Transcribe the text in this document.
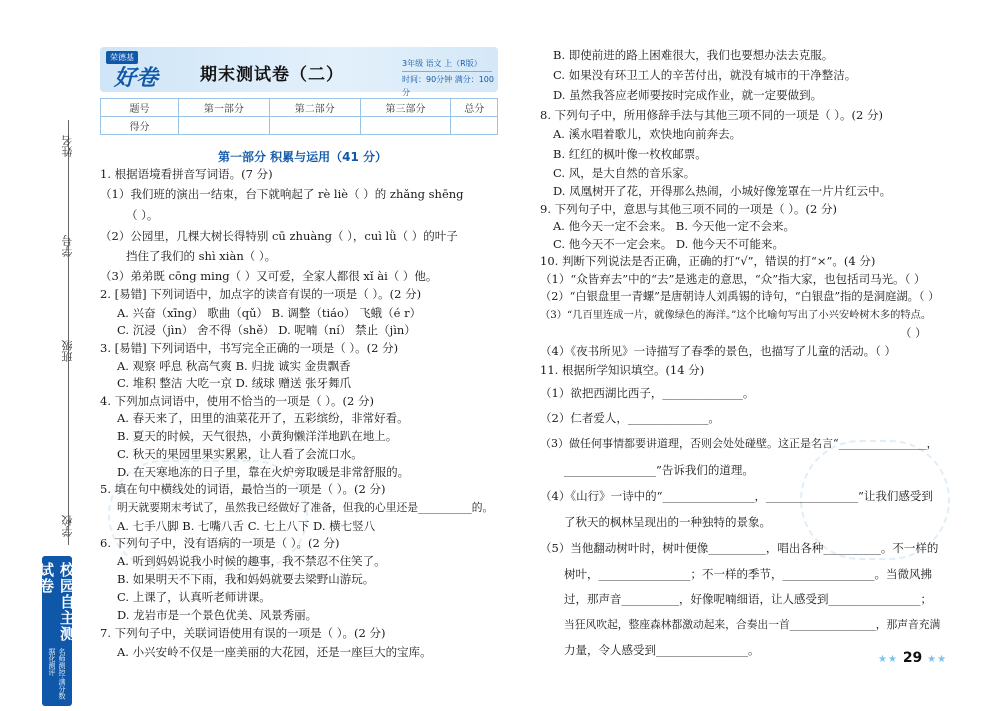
姓名
学号
班级
学校
校园自主测试卷
名师测控·满分数据化测评
荣德基
好卷 期末测试卷（二）
3年级 语文 上（R版）
时间：90分钟 满分：100分
题号	第一部分	第二部分	第三部分	总分
得分				
第一部分 积累与运用（41 分）
1. 根据语境看拼音写词语。(7 分)
（1）我们班的演出一结束，台下就响起了 rè liè（ ）的 zhǎng shēng
（ ）。
（2）公园里，几棵大树长得特别 cū zhuàng（ ），cuì lǜ（ ）的叶子
挡住了我们的 shì xiàn（ ）。
（3）弟弟既 cōng ming（ ）又可爱，全家人都很 xǐ ài（ ）他。
2. [易错] 下列词语中，加点字的读音有误的一项是（ ）。(2 分)
A. 兴奋（xīng） 歌曲（qǔ） B. 调整（tiáo） 飞蛾（é r）
C. 沉浸（jìn） 舍不得（shě） D. 呢喃（ní） 禁止（jìn）
3. [易错] 下列词语中，书写完全正确的一项是（ ）。(2 分)
A. 观察 呼息 秋高气爽 B. 归拢 诚实 金贵飘香
C. 堆积 整洁 大吃一京 D. 绒球 赠送 张牙舞爪
4. 下列加点词语中，使用不恰当的一项是（ ）。(2 分)
A. 春天来了，田里的油菜花开了，五彩缤纷，非常好看。
B. 夏天的时候，天气很热，小黄狗懒洋洋地趴在地上。
C. 秋天的果园里果实累累，让人看了会流口水。
D. 在天寒地冻的日子里，靠在火炉旁取暖是非常舒服的。
5. 填在句中横线处的词语，最恰当的一项是（ ）。(2 分)
明天就要期末考试了，虽然我已经做好了准备，但我的心里还是__________的。
A. 七手八脚 B. 七嘴八舌 C. 七上八下 D. 横七竖八
6. 下列句子中，没有语病的一项是（ ）。(2 分)
A. 听到妈妈说我小时候的趣事，我不禁忍不住笑了。
B. 如果明天不下雨，我和妈妈就要去梁野山游玩。
C. 上课了，认真听老师讲课。
D. 龙岩市是一个景色优美、风景秀丽。
7. 下列句子中，关联词语使用有误的一项是（ ）。(2 分)
A. 小兴安岭不仅是一座美丽的大花园，还是一座巨大的宝库。
B. 即使前进的路上困难很大，我们也要想办法去克服。
C. 如果没有环卫工人的辛苦付出，就没有城市的干净整洁。
D. 虽然我答应老师要按时完成作业，就一定要做到。
8. 下列句子中，所用修辞手法与其他三项不同的一项是（ ）。(2 分)
A. 溪水唱着歌儿，欢快地向前奔去。
B. 红红的枫叶像一枚枚邮票。
C. 风，是大自然的音乐家。
D. 凤凰树开了花，开得那么热闹，小城好像笼罩在一片片红云中。
9. 下列句子中，意思与其他三项不同的一项是（ ）。(2 分)
A. 他今天一定不会来。 B. 今天他一定不会来。
C. 他今天不一定会来。 D. 他今天不可能来。
10. 判断下列说法是否正确，正确的打“√”，错误的打“×”。(4 分)
（1）“众皆弃去”中的“去”是逃走的意思，“众”指大家，也包括司马光。（ ）
（2）“白银盘里一青螺”是唐朝诗人刘禹锡的诗句，“白银盘”指的是洞庭湖。（ ）
（3）“几百里连成一片，就像绿色的海洋。”这个比喻句写出了小兴安岭树木多的特点。
（ ）
（4）《夜书所见》一诗描写了春季的景色，也描写了儿童的活动。（ ）
11. 根据所学知识填空。(14 分)
（1）欲把西湖比西子，______________。
（2）仁者爱人，______________。
（3）做任何事情都要讲道理，否则会处处碰壁。这正是名言“________________，
________________”告诉我们的道理。
（4）《山行》一诗中的“________________，________________”让我们感受到
了秋天的枫林呈现出的一种独特的景象。
（5）当他翻动树叶时，树叶便像__________，唱出各种__________。不一样的
树叶，________________；不一样的季节，________________。当微风拂
过，那声音__________，好像呢喃细语，让人感受到________________；
当狂风吹起，整座森林都激动起来，合奏出一首________________，那声音充满
力量，令人感受到________________。
★★ 29 ★★
